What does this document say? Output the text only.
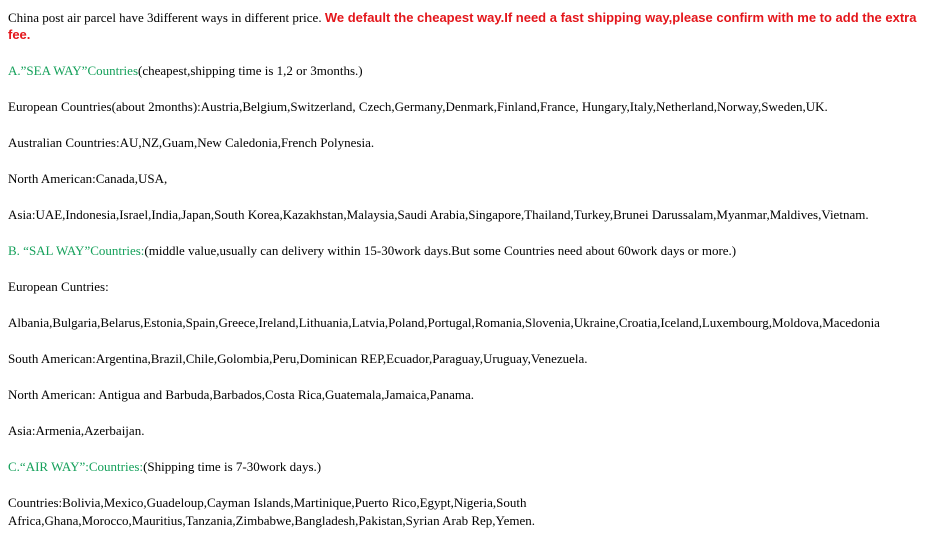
China post air parcel have 3different ways in different price. We default the cheapest way.If need a fast shipping way,please confirm with me to add the extra fee.
A.”SEA WAY”Countries(cheapest,shipping time is 1,2 or 3months.)
European Countries(about 2months):Austria,Belgium,Switzerland, Czech,Germany,Denmark,Finland,France, Hungary,Italy,Netherland,Norway,Sweden,UK.
Australian Countries:AU,NZ,Guam,New Caledonia,French Polynesia.
North American:Canada,USA,
Asia:UAE,Indonesia,Israel,India,Japan,South Korea,Kazakhstan,Malaysia,Saudi Arabia,Singapore,Thailand,Turkey,Brunei Darussalam,Myanmar,Maldives,Vietnam.
B. “SAL WAY”Countries:(middle value,usually can delivery within 15-30work days.But some Countries need about 60work days or more.)
European Cuntries:
Albania,Bulgaria,Belarus,Estonia,Spain,Greece,Ireland,Lithuania,Latvia,Poland,Portugal,Romania,Slovenia,Ukraine,Croatia,Iceland,Luxembourg,Moldova,Macedonia
South American:Argentina,Brazil,Chile,Golombia,Peru,Dominican REP,Ecuador,Paraguay,Uruguay,Venezuela.
North American: Antigua and Barbuda,Barbados,Costa Rica,Guatemala,Jamaica,Panama.
Asia:Armenia,Azerbaijan.
C.“AIR WAY”:Countries:(Shipping time is 7-30work days.)
Countries:Bolivia,Mexico,Guadeloup,Cayman Islands,Martinique,Puerto Rico,Egypt,Nigeria,South
Africa,Ghana,Morocco,Mauritius,Tanzania,Zimbabwe,Bangladesh,Pakistan,Syrian Arab Rep,Yemen.
